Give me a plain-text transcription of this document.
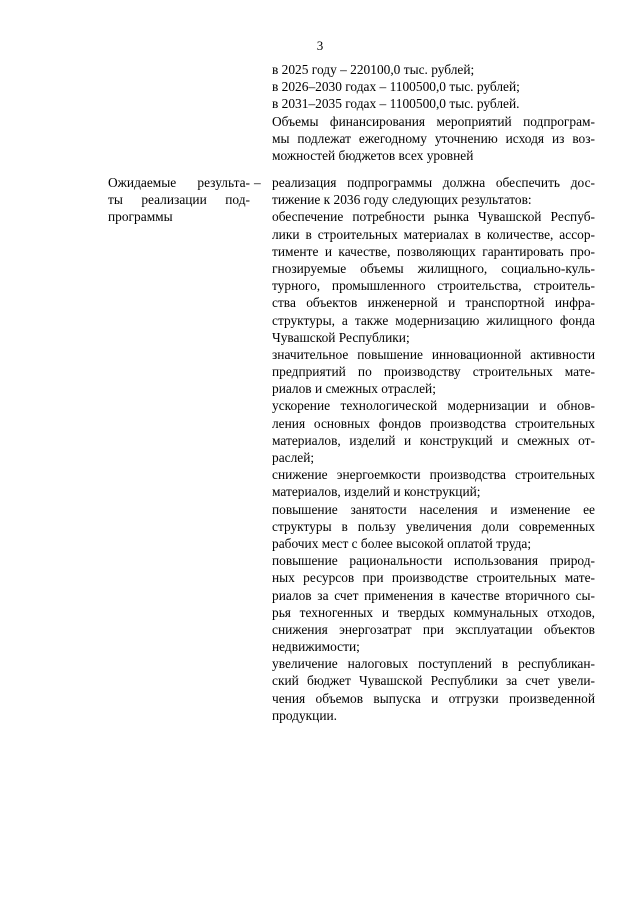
3
в 2025 году – 220100,0 тыс. рублей;
в 2026–2030 годах – 1100500,0 тыс. рублей;
в 2031–2035 годах – 1100500,0 тыс. рублей.
Объемы финансирования мероприятий подпрограм-
мы подлежат ежегодному уточнению исходя из воз-
можностей бюджетов всех уровней
Ожидаемые результа-
ты реализации под-
программы
– реализация подпрограммы должна обеспечить дос-
тижение к 2036 году следующих результатов:
обеспечение потребности рынка Чувашской Респуб-
лики в строительных материалах в количестве, ассор-
тименте и качестве, позволяющих гарантировать про-
гнозируемые объемы жилищного, социально-куль-
турного, промышленного строительства, строитель-
ства объектов инженерной и транспортной инфра-
структуры, а также модернизацию жилищного фонда
Чувашской Республики;
значительное повышение инновационной активности
предприятий по производству строительных мате-
риалов и смежных отраслей;
ускорение технологической модернизации и обнов-
ления основных фондов производства строительных
материалов, изделий и конструкций и смежных от-
раслей;
снижение энергоемкости производства строительных
материалов, изделий и конструкций;
повышение занятости населения и изменение ее
структуры в пользу увеличения доли современных
рабочих мест с более высокой оплатой труда;
повышение рациональности использования природ-
ных ресурсов при производстве строительных мате-
риалов за счет применения в качестве вторичного сы-
рья техногенных и твердых коммунальных отходов,
снижения энергозатрат при эксплуатации объектов
недвижимости;
увеличение налоговых поступлений в республикан-
ский бюджет Чувашской Республики за счет увели-
чения объемов выпуска и отгрузки произведенной
продукции.
